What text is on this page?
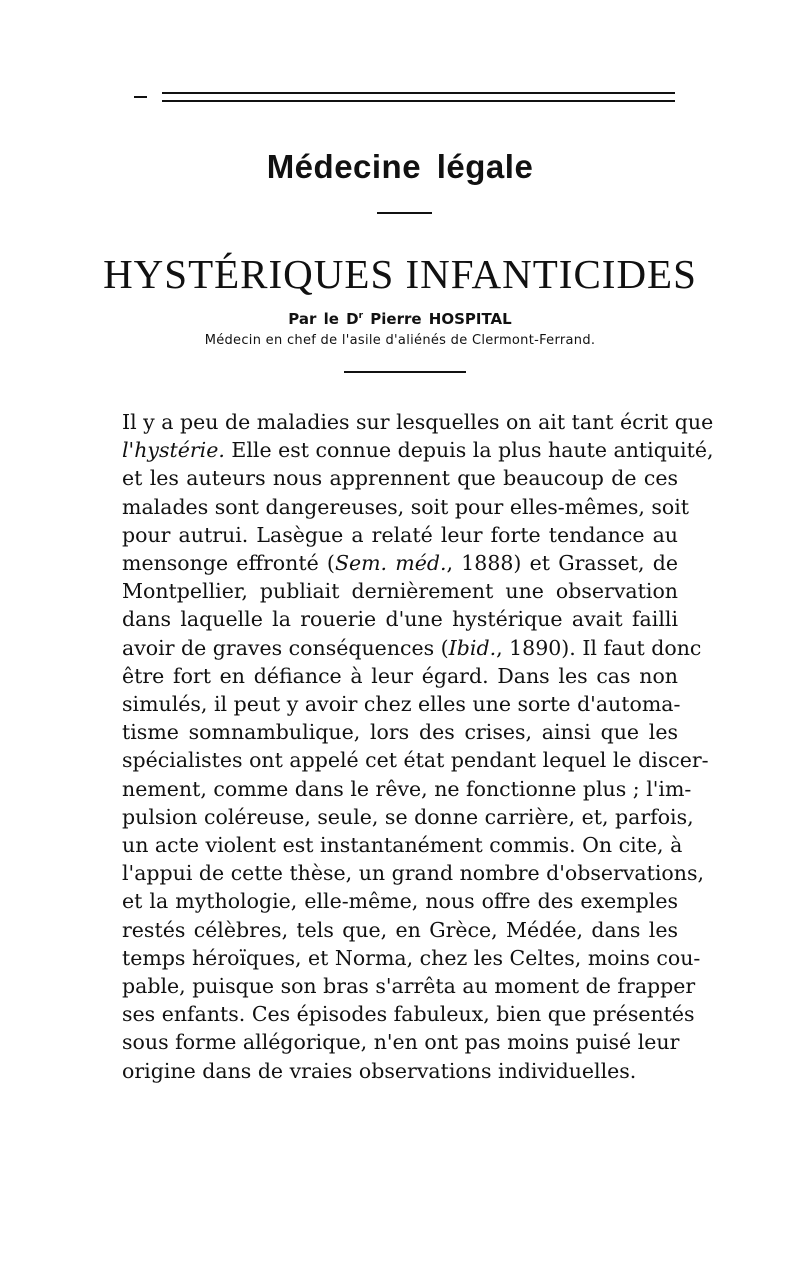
Médecine légale
HYSTÉRIQUES INFANTICIDES
Par le $D^r$ Pierre HOSPITAL
Médecin en chef de l'asile d'aliénés de Clermont-Ferrand.
Il y a peu de maladies sur lesquelles on ait tant écrit que
l'hystérie. Elle est connue depuis la plus haute antiquité,
et les auteurs nous apprennent que beaucoup de ces
malades sont dangereuses, soit pour elles-mêmes, soit
pour autrui. Lasègue a relaté leur forte tendance au
mensonge effronté (Sem. méd., 1888) et Grasset, de
Montpellier, publiait dernièrement une observation
dans laquelle la rouerie d'une hystérique avait failli
avoir de graves conséquences (Ibid., 1890). Il faut donc
être fort en défiance à leur égard. Dans les cas non
simulés, il peut y avoir chez elles une sorte d'automa-
tisme somnambulique, lors des crises, ainsi que les
spécialistes ont appelé cet état pendant lequel le discer-
nement, comme dans le rêve, ne fonctionne plus ; l'im-
pulsion coléreuse, seule, se donne carrière, et, parfois,
un acte violent est instantanément commis. On cite, à
l'appui de cette thèse, un grand nombre d'observations,
et la mythologie, elle-même, nous offre des exemples
restés célèbres, tels que, en Grèce, Médée, dans les
temps héroïques, et Norma, chez les Celtes, moins cou-
pable, puisque son bras s'arrêta au moment de frapper
ses enfants. Ces épisodes fabuleux, bien que présentés
sous forme allégorique, n'en ont pas moins puisé leur
origine dans de vraies observations individuelles.
